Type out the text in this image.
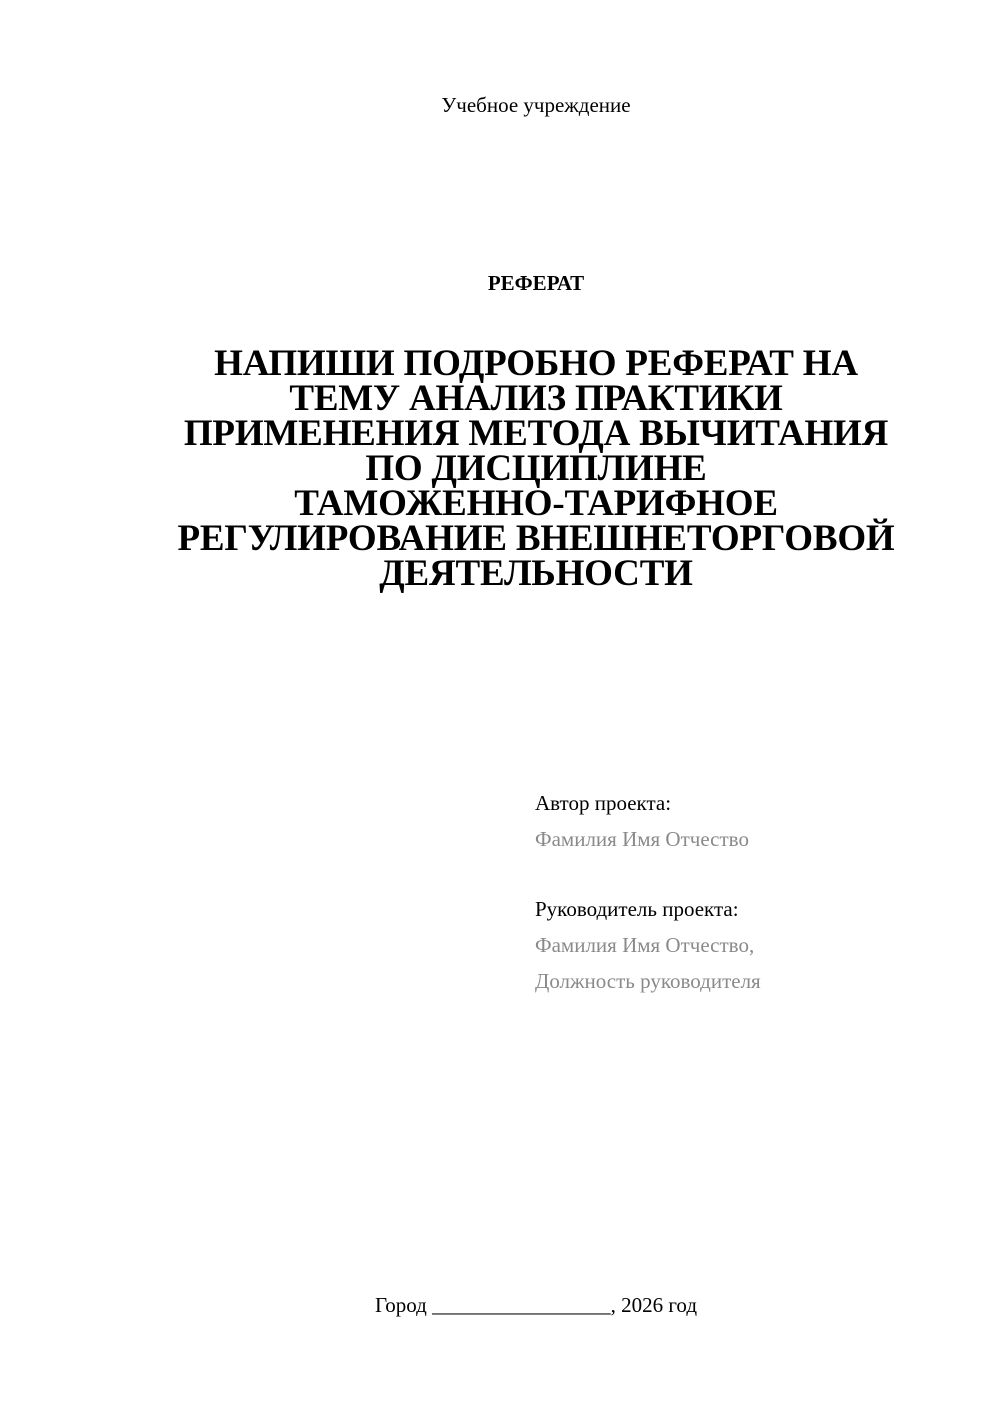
Учебное учреждение
РЕФЕРАТ
НАПИШИ ПОДРОБНО РЕФЕРАТ НА
ТЕМУ АНАЛИЗ ПРАКТИКИ
ПРИМЕНЕНИЯ МЕТОДА ВЫЧИТАНИЯ
ПО ДИСЦИПЛИНЕ
ТАМОЖЕННО-ТАРИФНОЕ
РЕГУЛИРОВАНИЕ ВНЕШНЕТОРГОВОЙ
ДЕЯТЕЛЬНОСТИ
Автор проекта:
Фамилия Имя Отчество
Руководитель проекта:
Фамилия Имя Отчество,
Должность руководителя
Город _________________, 2026 год
